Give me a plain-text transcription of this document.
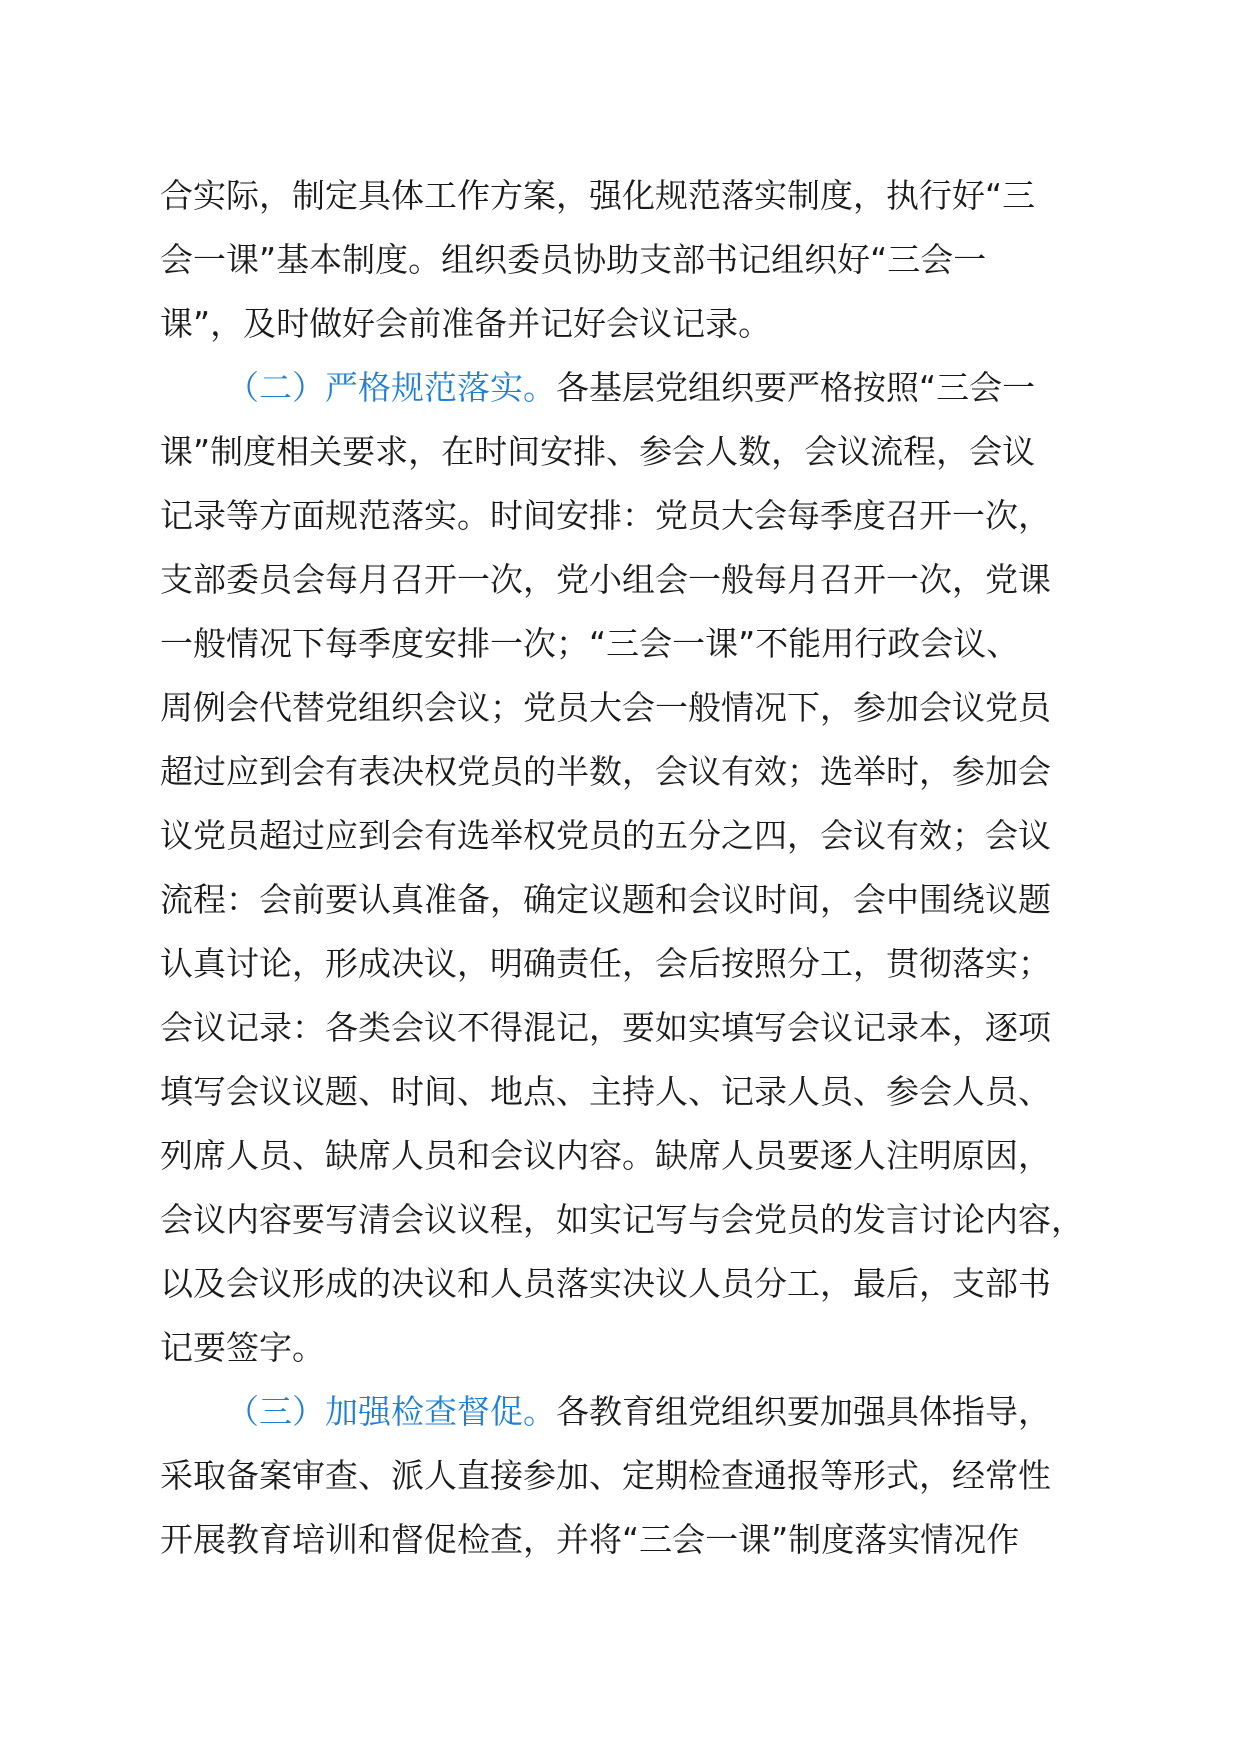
合实际，制定具体工作方案，强化规范落实制度，执行好“三
会一课”基本制度。组织委员协助支部书记组织好“三会一
课”，及时做好会前准备并记好会议记录。
（二）严格规范落实。各基层党组织要严格按照“三会一
课”制度相关要求，在时间安排、参会人数，会议流程，会议
记录等方面规范落实。时间安排：党员大会每季度召开一次，
支部委员会每月召开一次，党小组会一般每月召开一次，党课
一般情况下每季度安排一次；“三会一课”不能用行政会议、
周例会代替党组织会议；党员大会一般情况下，参加会议党员
超过应到会有表决权党员的半数，会议有效；选举时，参加会
议党员超过应到会有选举权党员的五分之四，会议有效；会议
流程：会前要认真准备，确定议题和会议时间，会中围绕议题
认真讨论，形成决议，明确责任，会后按照分工，贯彻落实；
会议记录：各类会议不得混记，要如实填写会议记录本，逐项
填写会议议题、时间、地点、主持人、记录人员、参会人员、
列席人员、缺席人员和会议内容。缺席人员要逐人注明原因，
会议内容要写清会议议程，如实记写与会党员的发言讨论内容，
以及会议形成的决议和人员落实决议人员分工，最后，支部书
记要签字。
（三）加强检查督促。各教育组党组织要加强具体指导，
采取备案审查、派人直接参加、定期检查通报等形式，经常性
开展教育培训和督促检查，并将“三会一课”制度落实情况作
